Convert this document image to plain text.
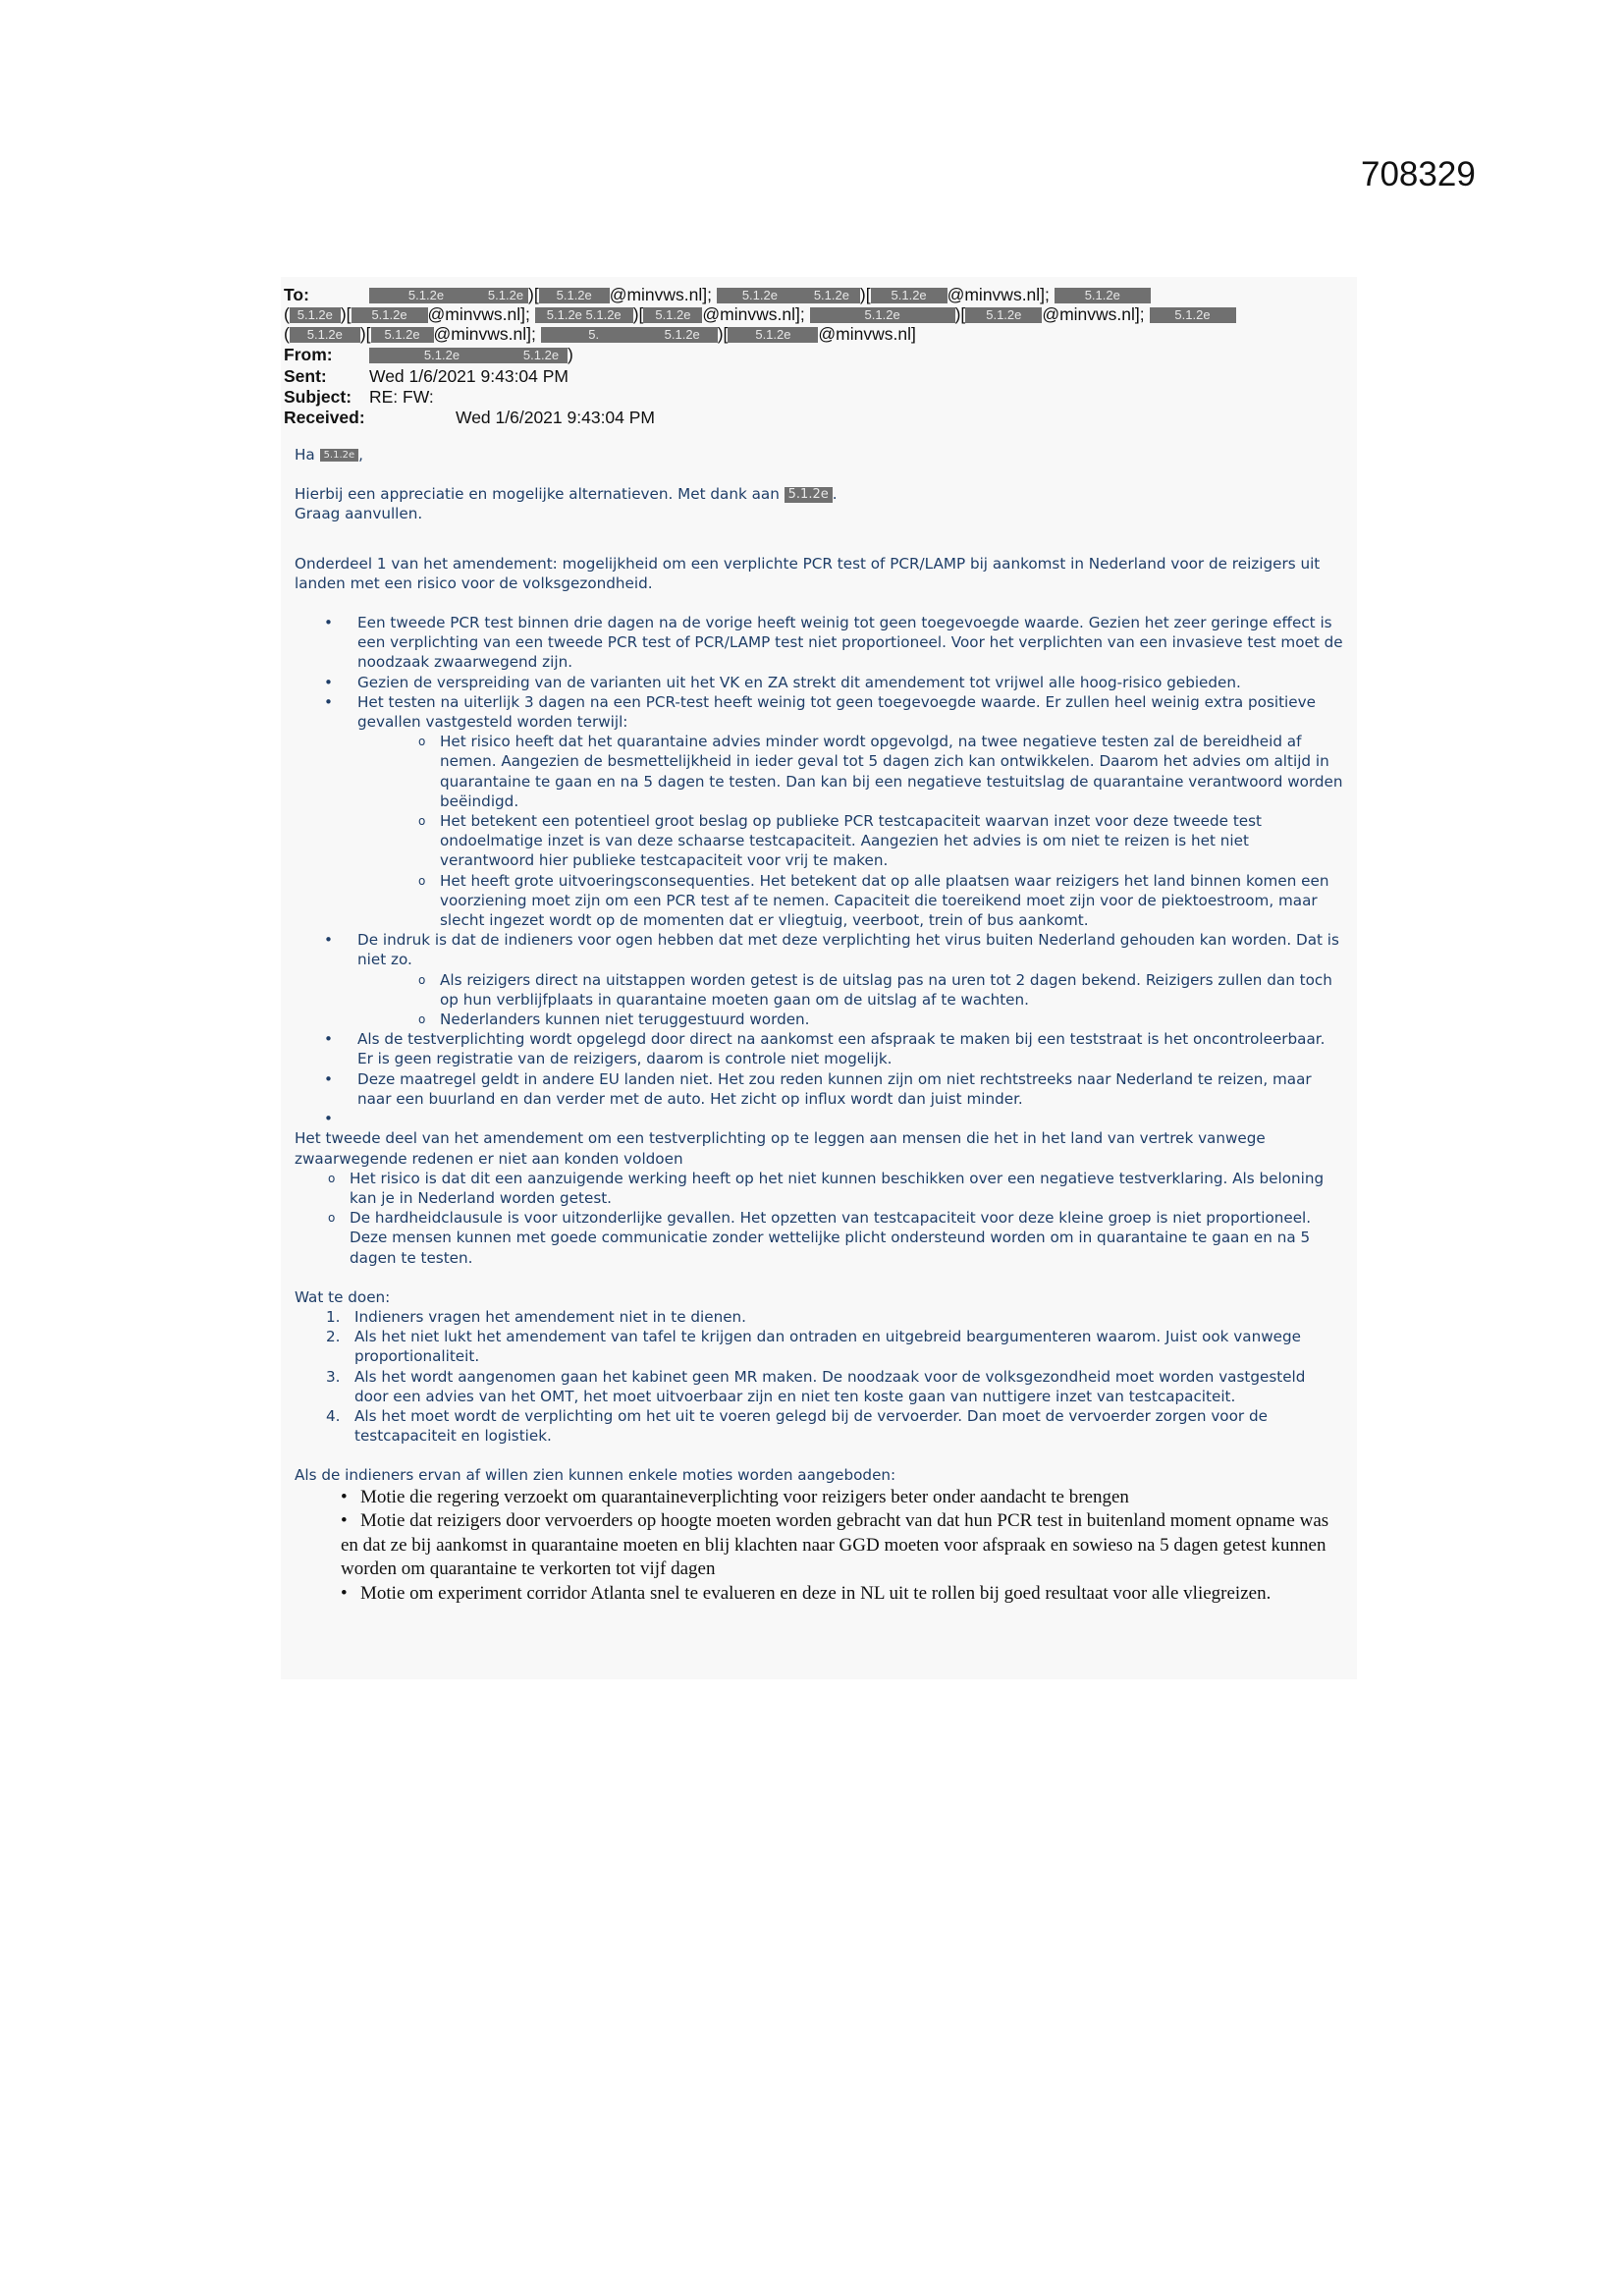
708329
To:	5.1.2e	5.1.2e )[ 5.1.2e @minvws.nl]; 5.1.2e	5.1.2e )[ 5.1.2e @minvws.nl];	5.1.2e
( 5.1.2e )[ 5.1.2e @minvws.nl]; 5.1.2e 5.1.2e )[ 5.1.2e @minvws.nl];	5.1.2e	)[ 5.1.2e @minvws.nl]; 5.1.2e
( 5.1.2e )[ 5.1.2e @minvws.nl];	5.	5.1.2e )[ 5.1.2e @minvws.nl]
From:	5.1.2e	5.1.2e )
Sent: Wed 1/6/2021 9:43:04 PM
Subject: RE: FW:
Received:	Wed 1/6/2021 9:43:04 PM

Ha 5.1.2e ,

Hierbij een appreciatie en mogelijke alternatieven. Met dank aan 5.1.2e .

Graag aanvullen.

Onderdeel 1 van het amendement: mogelijkheid om een verplichte PCR test of PCR/LAMP bij aankomst in Nederland voor de reizigers uit landen met een risico voor de volksgezondheid.

• Een tweede PCR test binnen drie dagen na de vorige heeft weinig tot geen toegevoegde waarde. Gezien het zeer geringe effect is een verplichting van een tweede PCR test of PCR/LAMP test niet proportioneel. Voor het verplichten van een invasieve test moet de noodzaak zwaarwegend zijn.
• Gezien de verspreiding van de varianten uit het VK en ZA strekt dit amendement tot vrijwel alle hoog-risico gebieden.
• Het testen na uiterlijk 3 dagen na een PCR-test heeft weinig tot geen toegevoegde waarde. Er zullen heel weinig extra positieve gevallen vastgesteld worden terwijl:
o Het risico heeft dat het quarantaine advies minder wordt opgevolgd, na twee negatieve testen zal de bereidheid af nemen. Aangezien de besmettelijkheid in ieder geval tot 5 dagen zich kan ontwikkelen. Daarom het advies om altijd in quarantaine te gaan en na 5 dagen te testen. Dan kan bij een negatieve testuitslag de quarantaine verantwoord worden beëindigd.
o Het betekent een potentieel groot beslag op publieke PCR testcapaciteit waarvan inzet voor deze tweede test ondoelmatige inzet is van deze schaarse testcapaciteit. Aangezien het advies is om niet te reizen is het niet verantwoord hier publieke testcapaciteit voor vrij te maken.
o Het heeft grote uitvoeringsconsequenties. Het betekent dat op alle plaatsen waar reizigers het land binnen komen een voorziening moet zijn om een PCR test af te nemen. Capaciteit die toereikend moet zijn voor de piektoestroom, maar slecht ingezet wordt op de momenten dat er vliegtuig, veerboot, trein of bus aankomt.
• De indruk is dat de indieners voor ogen hebben dat met deze verplichting het virus buiten Nederland gehouden kan worden. Dat is niet zo.
o Als reizigers direct na uitstappen worden getest is de uitslag pas na uren tot 2 dagen bekend. Reizigers zullen dan toch op hun verblijfplaats in quarantaine moeten gaan om de uitslag af te wachten.
o Nederlanders kunnen niet teruggestuurd worden.
• Als de testverplichting wordt opgelegd door direct na aankomst een afspraak te maken bij een teststraat is het oncontroleerbaar. Er is geen registratie van de reizigers, daarom is controle niet mogelijk.
• Deze maatregel geldt in andere EU landen niet. Het zou reden kunnen zijn om niet rechtstreeks naar Nederland te reizen, maar naar een buurland en dan verder met de auto. Het zicht op influx wordt dan juist minder.
•

Het tweede deel van het amendement om een testverplichting op te leggen aan mensen die het in het land van vertrek vanwege zwaarwegende redenen er niet aan konden voldoen

o Het risico is dat dit een aanzuigende werking heeft op het niet kunnen beschikken over een negatieve testverklaring. Als beloning kan je in Nederland worden getest.
o De hardheidclausule is voor uitzonderlijke gevallen. Het opzetten van testcapaciteit voor deze kleine groep is niet proportioneel. Deze mensen kunnen met goede communicatie zonder wettelijke plicht ondersteund worden om in quarantaine te gaan en na 5 dagen te testen.

Wat te doen:

1. Indieners vragen het amendement niet in te dienen.
2. Als het niet lukt het amendement van tafel te krijgen dan ontraden en uitgebreid beargumenteren waarom. Juist ook vanwege proportionaliteit.
3. Als het wordt aangenomen gaan het kabinet geen MR maken. De noodzaak voor de volksgezondheid moet worden vastgesteld door een advies van het OMT, het moet uitvoerbaar zijn en niet ten koste gaan van nuttigere inzet van testcapaciteit.
4. Als het moet wordt de verplichting om het uit te voeren gelegd bij de vervoerder. Dan moet de vervoerder zorgen voor de testcapaciteit en logistiek.

Als de indieners ervan af willen zien kunnen enkele moties worden aangeboden:

• Motie die regering verzoekt om quarantaineverplichting voor reizigers beter onder aandacht te brengen
• Motie dat reizigers door vervoerders op hoogte moeten worden gebracht van dat hun PCR test in buitenland moment opname was en dat ze bij aankomst in quarantaine moeten en blij klachten naar GGD moeten voor afspraak en sowieso na 5 dagen getest kunnen worden om quarantaine te verkorten tot vijf dagen
• Motie om experiment corridor Atlanta snel te evalueren en deze in NL uit te rollen bij goed resultaat voor alle vliegreizen.
